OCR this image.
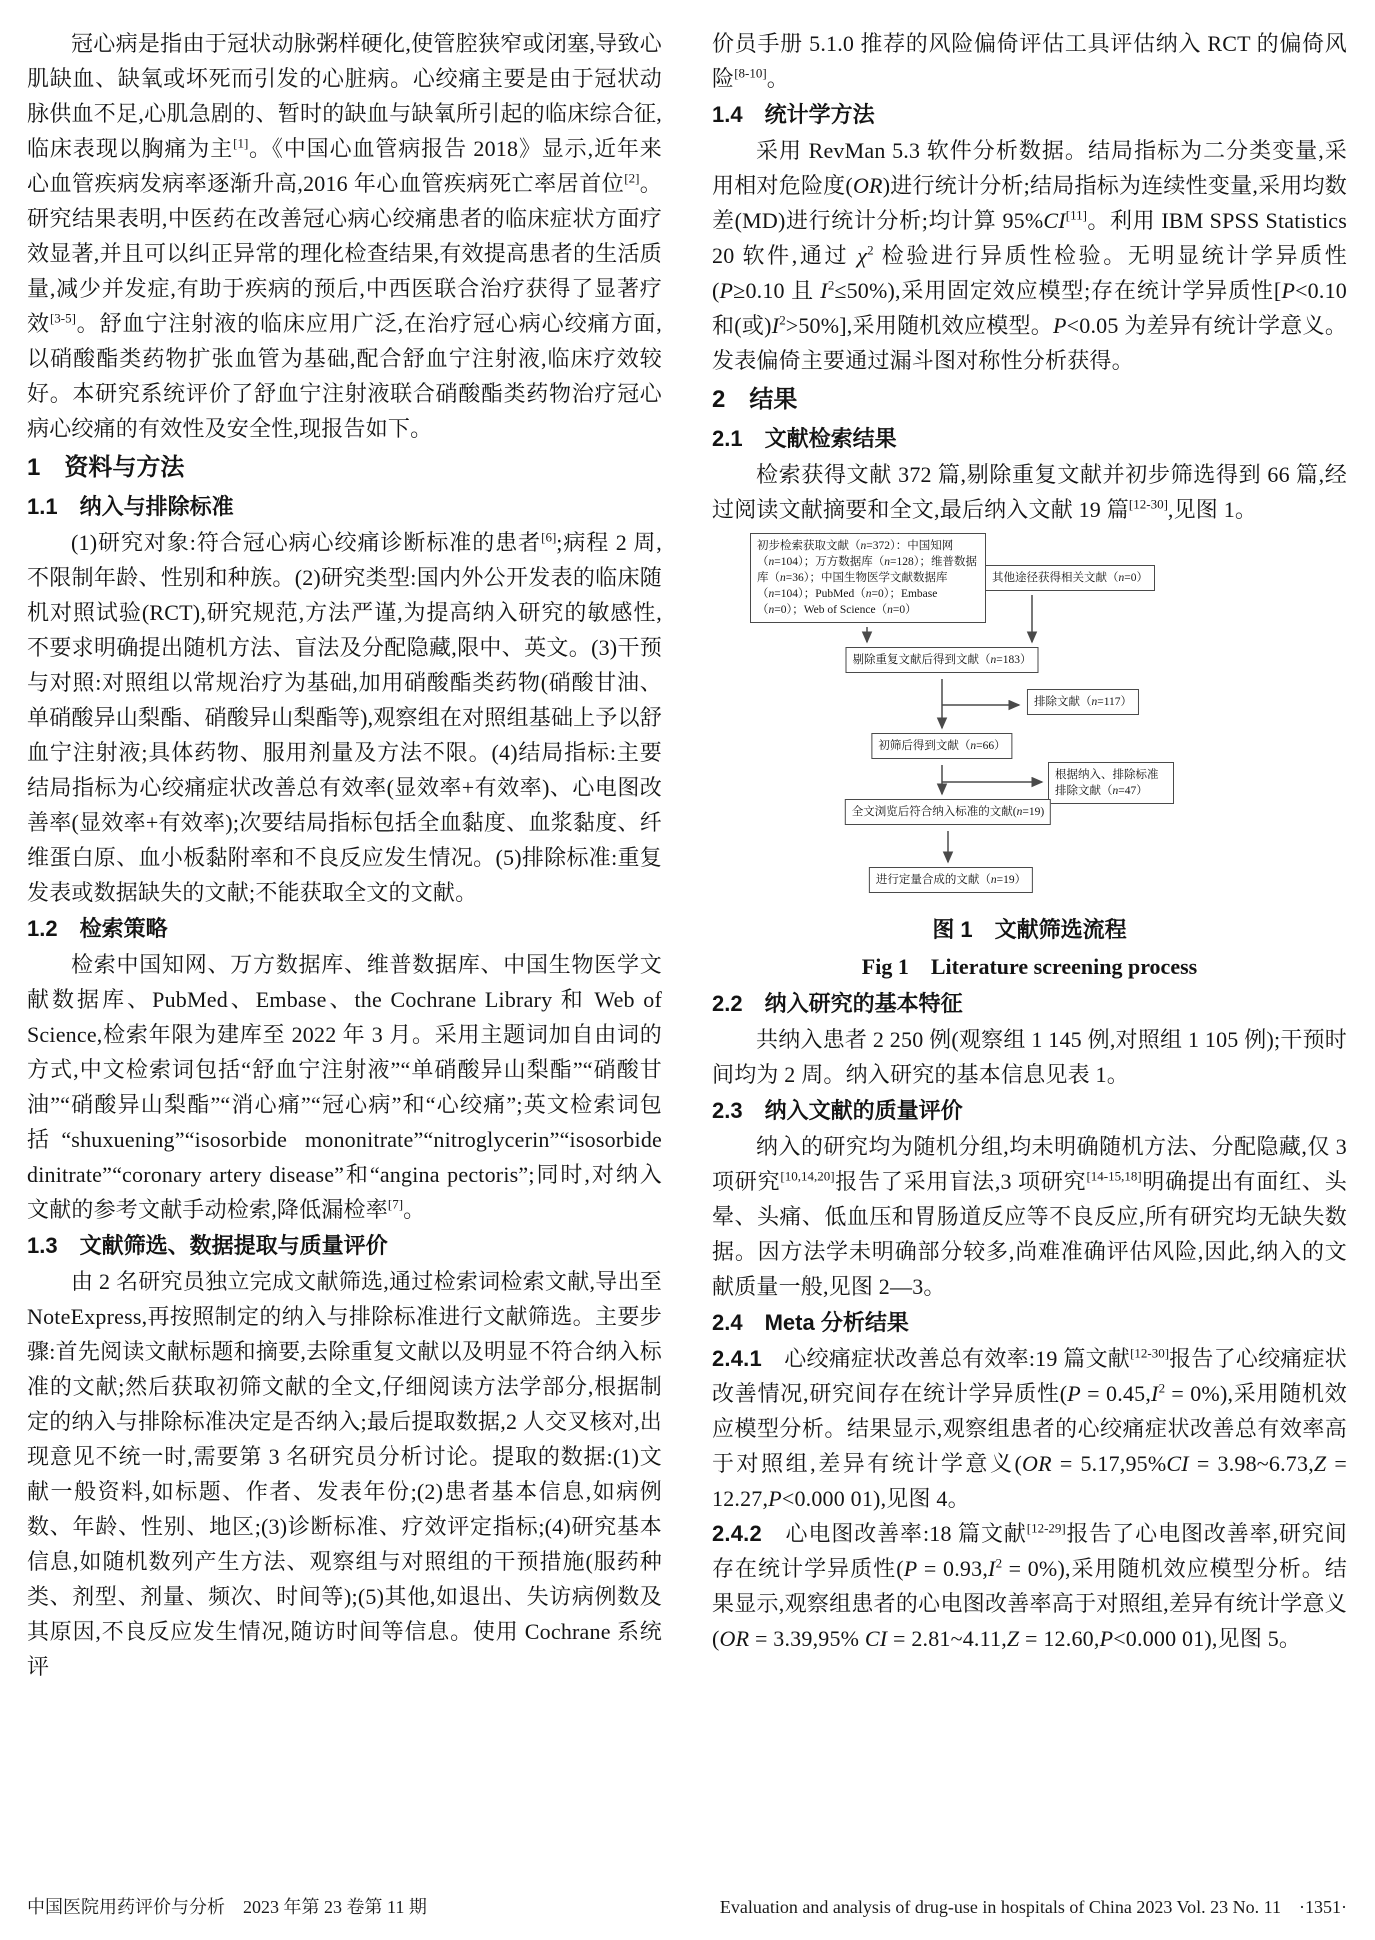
冠心病是指由于冠状动脉粥样硬化,使管腔狭窄或闭塞,导致心肌缺血、缺氧或坏死而引发的心脏病。心绞痛主要是由于冠状动脉供血不足,心肌急剧的、暂时的缺血与缺氧所引起的临床综合征,临床表现以胸痛为主[1]。《中国心血管病报告 2018》显示,近年来心血管疾病发病率逐渐升高,2016 年心血管疾病死亡率居首位[2]。研究结果表明,中医药在改善冠心病心绞痛患者的临床症状方面疗效显著,并且可以纠正异常的理化检查结果,有效提高患者的生活质量,减少并发症,有助于疾病的预后,中西医联合治疗获得了显著疗效[3-5]。舒血宁注射液的临床应用广泛,在治疗冠心病心绞痛方面,以硝酸酯类药物扩张血管为基础,配合舒血宁注射液,临床疗效较好。本研究系统评价了舒血宁注射液联合硝酸酯类药物治疗冠心病心绞痛的有效性及安全性,现报告如下。

1　资料与方法
1.1　纳入与排除标准

(1)研究对象:符合冠心病心绞痛诊断标准的患者[6];病程 2 周,不限制年龄、性别和种族。(2)研究类型:国内外公开发表的临床随机对照试验(RCT),研究规范,方法严谨,为提高纳入研究的敏感性,不要求明确提出随机方法、盲法及分配隐藏,限中、英文。(3)干预与对照:对照组以常规治疗为基础,加用硝酸酯类药物(硝酸甘油、单硝酸异山梨酯、硝酸异山梨酯等),观察组在对照组基础上予以舒血宁注射液;具体药物、服用剂量及方法不限。(4)结局指标:主要结局指标为心绞痛症状改善总有效率(显效率+有效率)、心电图改善率(显效率+有效率);次要结局指标包括全血黏度、血浆黏度、纤维蛋白原、血小板黏附率和不良反应发生情况。(5)排除标准:重复发表或数据缺失的文献;不能获取全文的文献。

1.2　检索策略

检索中国知网、万方数据库、维普数据库、中国生物医学文献数据库、PubMed、Embase、the Cochrane Library 和 Web of Science,检索年限为建库至 2022 年 3 月。采用主题词加自由词的方式,中文检索词包括“舒血宁注射液”“单硝酸异山梨酯”“硝酸甘油”“硝酸异山梨酯”“消心痛”“冠心病”和“心绞痛”;英文检索词包括“shuxuening”“isosorbide mononitrate”“nitroglycerin”“isosorbide dinitrate”“coronary artery disease”和“angina pectoris”;同时,对纳入文献的参考文献手动检索,降低漏检率[7]。

1.3　文献筛选、数据提取与质量评价

由 2 名研究员独立完成文献筛选,通过检索词检索文献,导出至 NoteExpress,再按照制定的纳入与排除标准进行文献筛选。主要步骤:首先阅读文献标题和摘要,去除重复文献以及明显不符合纳入标准的文献;然后获取初筛文献的全文,仔细阅读方法学部分,根据制定的纳入与排除标准决定是否纳入;最后提取数据,2 人交叉核对,出现意见不统一时,需要第 3 名研究员分析讨论。提取的数据:(1)文献一般资料,如标题、作者、发表年份;(2)患者基本信息,如病例数、年龄、性别、地区;(3)诊断标准、疗效评定指标;(4)研究基本信息,如随机数列产生方法、观察组与对照组的干预措施(服药种类、剂型、剂量、频次、时间等);(5)其他,如退出、失访病例数及其原因,不良反应发生情况,随访时间等信息。使用 Cochrane 系统评

价员手册 5.1.0 推荐的风险偏倚评估工具评估纳入 RCT 的偏倚风险[8-10]。

1.4　统计学方法

采用 RevMan 5.3 软件分析数据。结局指标为二分类变量,采用相对危险度(OR)进行统计分析;结局指标为连续性变量,采用均数差(MD)进行统计分析;均计算 95%CI[11]。利用 IBM SPSS Statistics 20 软件,通过 $\chi^2$ 检验进行异质性检验。无明显统计学异质性(P≥0.10 且 $I^2\le 50\%$),采用固定效应模型;存在统计学异质性[P<0.10 和(或)$I^2>50\%$],采用随机效应模型。P<0.05 为差异有统计学意义。发表偏倚主要通过漏斗图对称性分析获得。

2　结果
2.1　文献检索结果

检索获得文献 372 篇,剔除重复文献并初步筛选得到 66 篇,经过阅读文献摘要和全文,最后纳入文献 19 篇[12-30],见图 1。

初步检索获取文献（n=372）：中国知网（n=104）；万方数据库（n=128）；维普数据库（n=36）；中国生物医学文献数据库（n=104）；PubMed（n=0）；Embase（n=0）；Web of Science（n=0）
其他途径获得相关文献（n=0）
剔除重复文献后得到文献（n=183）
排除文献（n=117）
初筛后得到文献（n=66）
根据纳入、排除标准排除文献（n=47）
全文浏览后符合纳入标准的文献(n=19)
进行定量合成的文献（n=19）
图 1　文献筛选流程
Fig 1　Literature screening process
2.2　纳入研究的基本特征

共纳入患者 2 250 例(观察组 1 145 例,对照组 1 105 例);干预时间均为 2 周。纳入研究的基本信息见表 1。

2.3　纳入文献的质量评价

纳入的研究均为随机分组,均未明确随机方法、分配隐藏,仅 3 项研究[10,14,20]报告了采用盲法,3 项研究[14-15,18]明确提出有面红、头晕、头痛、低血压和胃肠道反应等不良反应,所有研究均无缺失数据。因方法学未明确部分较多,尚难准确评估风险,因此,纳入的文献质量一般,见图 2—3。

2.4　Meta 分析结果

2.4.1　心绞痛症状改善总有效率:19 篇文献[12-30]报告了心绞痛症状改善情况,研究间存在统计学异质性$(P = 0.45,I^2 = 0\%)$,采用随机效应模型分析。结果显示,观察组患者的心绞痛症状改善总有效率高于对照组,差异有统计学意义(OR = 5.17,95%CI = 3.98~6.73,Z = 12.27,P<0.000 01),见图 4。

2.4.2　心电图改善率:18 篇文献[12-29]报告了心电图改善率,研究间存在统计学异质性$(P = 0.93,I^2 = 0\%)$,采用随机效应模型分析。结果显示,观察组患者的心电图改善率高于对照组,差异有统计学意义(OR = 3.39,95% CI = 2.81~4.11,Z = 12.60,P<0.000 01),见图 5。

中国医院用药评价与分析　2023 年第 23 卷第 11 期	Evaluation and analysis of drug-use in hospitals of China 2023 Vol. 23 No. 11　·1351·
